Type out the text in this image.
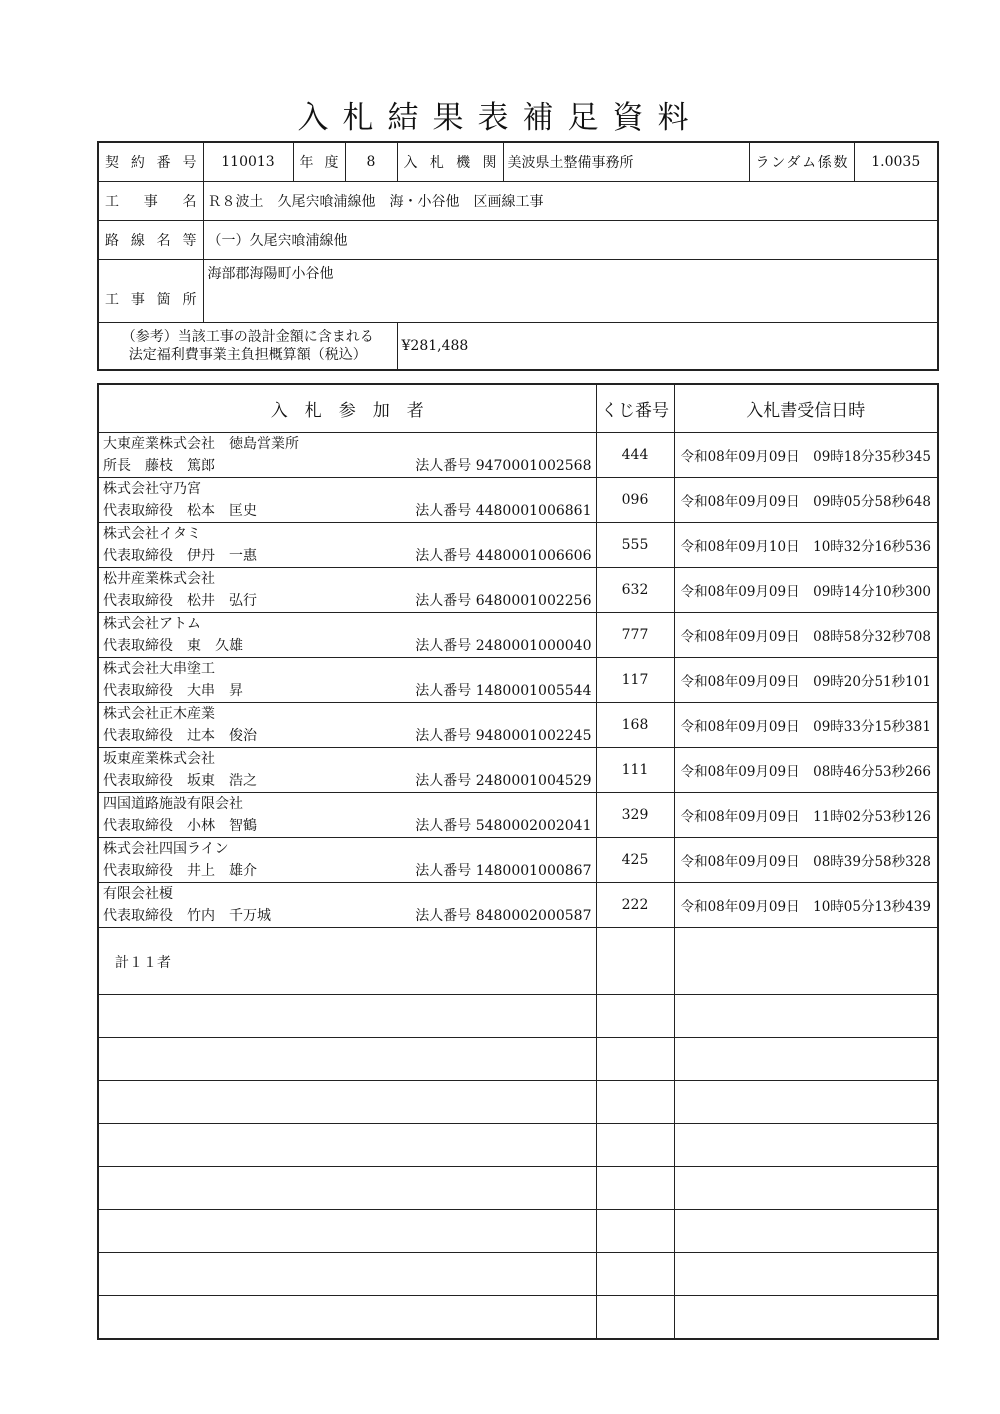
入札結果表補足資料
契約番号	110013	年度	8	入札機関	美波県土整備事務所	ランダム係数	1.0035
工事名	Ｒ８波土　久尾宍喰浦線他　海・小谷他　区画線工事						
路線名等	（一）久尾宍喰浦線他						
工事箇所	海部郡海陽町小谷他						

（参考）当該工事の設計金額に含まれる
法定福利費事業主負担概算額（税込）				¥281,488			
入　札　参　加　者	くじ番号	入札書受信日時

大東産業株式会社　徳島営業所
所長　藤枝　篤郎 法人番号 9470001002568	444	令和08年09月09日　09時18分35秒345

株式会社守乃宮
代表取締役　松本　匡史 法人番号 4480001006861	096	令和08年09月09日　09時05分58秒648

株式会社イタミ
代表取締役　伊丹　一惠 法人番号 4480001006606	555	令和08年09月10日　10時32分16秒536

松井産業株式会社
代表取締役　松井　弘行 法人番号 6480001002256	632	令和08年09月09日　09時14分10秒300

株式会社アトム
代表取締役　東　久雄 法人番号 2480001000040	777	令和08年09月09日　08時58分32秒708

株式会社大串塗工
代表取締役　大串　昇 法人番号 1480001005544	117	令和08年09月09日　09時20分51秒101

株式会社正木産業
代表取締役　辻本　俊治 法人番号 9480001002245	168	令和08年09月09日　09時33分15秒381

坂東産業株式会社
代表取締役　坂東　浩之 法人番号 2480001004529	111	令和08年09月09日　08時46分53秒266

四国道路施設有限会社
代表取締役　小林　智鶴 法人番号 5480002002041	329	令和08年09月09日　11時02分53秒126

株式会社四国ライン
代表取締役　井上　雄介 法人番号 1480001000867	425	令和08年09月09日　08時39分58秒328

有限会社榎
代表取締役　竹内　千万城 法人番号 8480002000587	222	令和08年09月09日　10時05分13秒439
計１１者		
